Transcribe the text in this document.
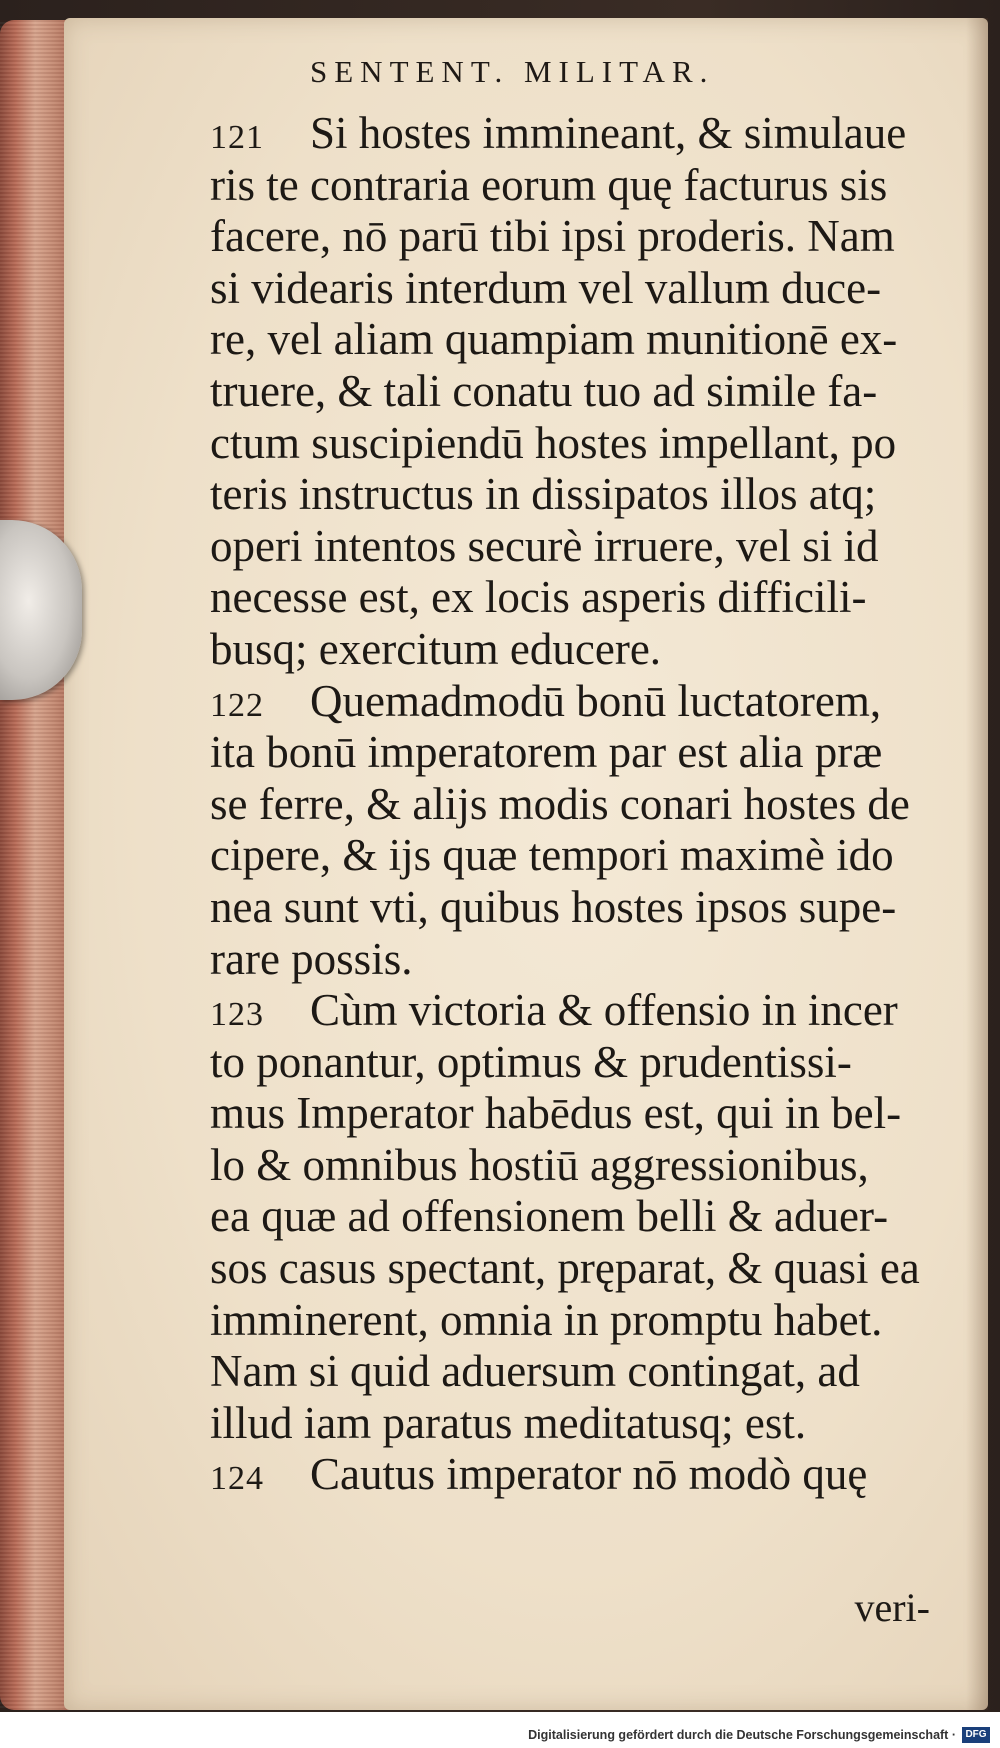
SENTENT. MILITAR.
121 Si hostes immineant, & simulaue
ris te contraria eorum quę facturus sis
facere, nō parū tibi ipsi proderis. Nam
si videaris interdum vel vallum duce-
re, vel aliam quampiam munitionē ex-
truere, & tali conatu tuo ad simile fa-
ctum suscipiendū hostes impellant, po
teris instructus in dissipatos illos atq;
operi intentos securè irruere, vel si id
necesse est, ex locis asperis difficili-
busq; exercitum educere.
122 Quemadmodū bonū luctatorem,
ita bonū imperatorem par est alia præ
se ferre, & alijs modis conari hostes de
cipere, & ijs quæ tempori maximè ido
nea sunt vti, quibus hostes ipsos supe-
rare possis.
123 Cùm victoria & offensio in incer
to ponantur, optimus & prudentissi-
mus Imperator habēdus est, qui in bel-
lo & omnibus hostiū aggressionibus,
ea quæ ad offensionem belli & aduer-
sos casus spectant, pręparat, & quasi ea
imminerent, omnia in promptu habet.
Nam si quid aduersum contingat, ad
illud iam paratus meditatusq; est.
124 Cautus imperator nō modò quę
veri-
Digitalisierung gefördert durch die Deutsche Forschungsgemeinschaft · DFG
